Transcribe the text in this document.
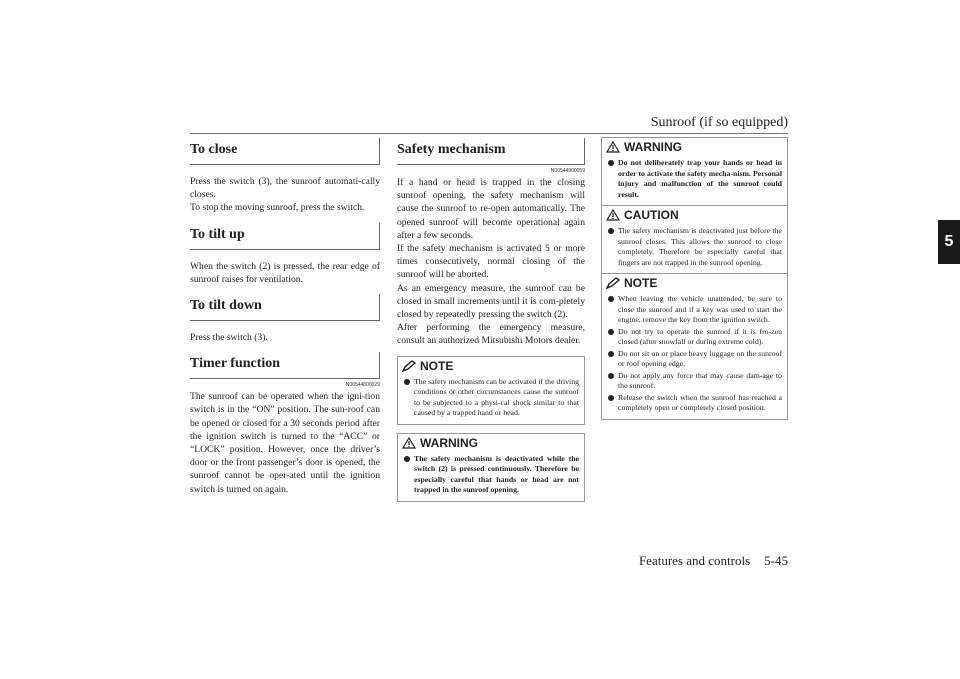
Sunroof (if so equipped)
5
To close

Press the switch (3), the sunroof automati-cally closes.

To stop the moving sunroof, press the switch.

To tilt up

When the switch (2) is pressed, the rear edge of sunroof raises for ventilation.

To tilt down

Press the switch (3).

Timer function
N00544800029

The sunroof can be operated when the igni-tion switch is in the “ON” position. The sun-roof can be opened or closed for a 30 seconds period after the ignition switch is turned to the “ACC” or “LOCK” position. However, once the driver’s door or the front passenger’s door is opened, the sunroof cannot be oper-ated until the ignition switch is turned on again.

Safety mechanism
N00544900059

If a hand or head is trapped in the closing sunroof opening, the safety mechanism will cause the sunroof to re-open automatically. The opened sunroof will become operational again after a few seconds.

If the safety mechanism is activated 5 or more times consecutively, normal closing of the sunroof will be aborted.

As an emergency measure, the sunroof can be closed in small increments until it is com-pletely closed by repeatedly pressing the switch (2).

After performing the emergency measure, consult an authorized Mitsubishi Motors dealer.

NOTE
The safety mechanism can be activated if the driving conditions or other circumstances cause the sunroof to be subjected to a physi-cal shock similar to that caused by a trapped hand or head.
WARNING
The safety mechanism is deactivated while the switch (2) is pressed continuously. Therefore be especially careful that hands or head are not trapped in the sunroof opening.
WARNING
Do not deliberately trap your hands or head in order to activate the safety mecha-nism. Personal injury and malfunction of the sunroof could result.
CAUTION
The safety mechanism is deactivated just before the sunroof closes. This allows the sunroof to close completely. Therefore be especially careful that fingers are not trapped in the sunroof opening.
NOTE
When leaving the vehicle unattended, be sure to close the sunroof and if a key was used to start the engine, remove the key from the ignition switch.
Do not try to operate the sunroof if it is fro-zen closed (after snowfall or during extreme cold).
Do not sit on or place heavy luggage on the sunroof or roof opening edge.
Do not apply any force that may cause dam-age to the sunroof.
Release the switch when the sunroof has reached a completely open or completely closed position.
Features and controls 5-45
